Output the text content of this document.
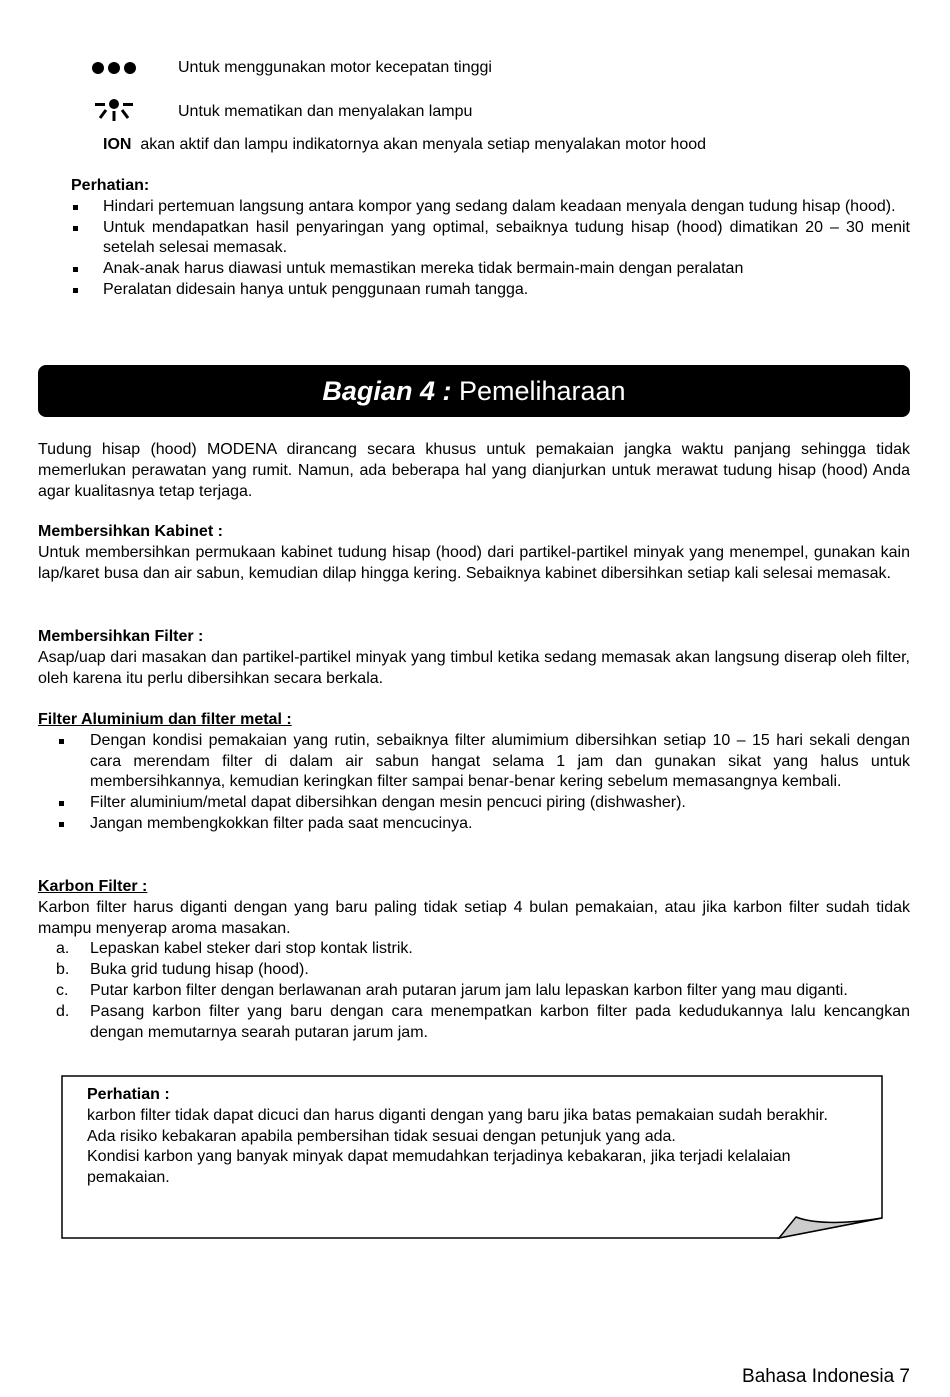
Untuk menggunakan motor kecepatan tinggi
Untuk mematikan dan menyalakan lampu
ION akan aktif dan lampu indikatornya akan menyala setiap menyalakan motor hood
Perhatian:
Hindari pertemuan langsung antara kompor yang sedang dalam keadaan menyala dengan tudung hisap (hood).
Untuk mendapatkan hasil penyaringan yang optimal, sebaiknya tudung hisap (hood) dimatikan 20 – 30 menit setelah selesai memasak.
Anak-anak harus diawasi untuk memastikan mereka tidak bermain-main dengan peralatan
Peralatan didesain hanya untuk penggunaan rumah tangga.
Bagian 4 : Pemeliharaan
Tudung hisap (hood) MODENA dirancang secara khusus untuk pemakaian jangka waktu panjang sehingga tidak memerlukan perawatan yang rumit. Namun, ada beberapa hal yang dianjurkan untuk merawat tudung hisap (hood) Anda agar kualitasnya tetap terjaga.
Membersihkan Kabinet :
Untuk membersihkan permukaan kabinet tudung hisap (hood) dari partikel-partikel minyak yang menempel, gunakan kain lap/karet busa dan air sabun, kemudian dilap hingga kering. Sebaiknya kabinet dibersihkan setiap kali selesai memasak.
Membersihkan Filter :
Asap/uap dari masakan dan partikel-partikel minyak yang timbul ketika sedang memasak akan langsung diserap oleh filter, oleh karena itu perlu dibersihkan secara berkala.
Filter Aluminium dan filter metal :
Dengan kondisi pemakaian yang rutin, sebaiknya filter alumimium dibersihkan setiap 10 – 15 hari sekali dengan cara merendam filter di dalam air sabun hangat selama 1 jam dan gunakan sikat yang halus untuk membersihkannya, kemudian keringkan filter sampai benar-benar kering sebelum memasangnya kembali.
Filter aluminium/metal dapat dibersihkan dengan mesin pencuci piring (dishwasher).
Jangan membengkokkan filter pada saat mencucinya.
Karbon Filter :
Karbon filter harus diganti dengan yang baru paling tidak setiap 4 bulan pemakaian, atau jika karbon filter sudah tidak mampu menyerap aroma masakan.
a. Lepaskan kabel steker dari stop kontak listrik.
b. Buka grid tudung hisap (hood).
c. Putar karbon filter dengan berlawanan arah putaran jarum jam lalu lepaskan karbon filter yang mau diganti.
d. Pasang karbon filter yang baru dengan cara menempatkan karbon filter pada kedudukannya lalu kencangkan dengan memutarnya searah putaran jarum jam.
Perhatian :
karbon filter tidak dapat dicuci dan harus diganti dengan yang baru jika batas pemakaian sudah berakhir.
Ada risiko kebakaran apabila pembersihan tidak sesuai dengan petunjuk yang ada.
Kondisi karbon yang banyak minyak dapat memudahkan terjadinya kebakaran, jika terjadi kelalaian pemakaian.
Bahasa Indonesia 7
